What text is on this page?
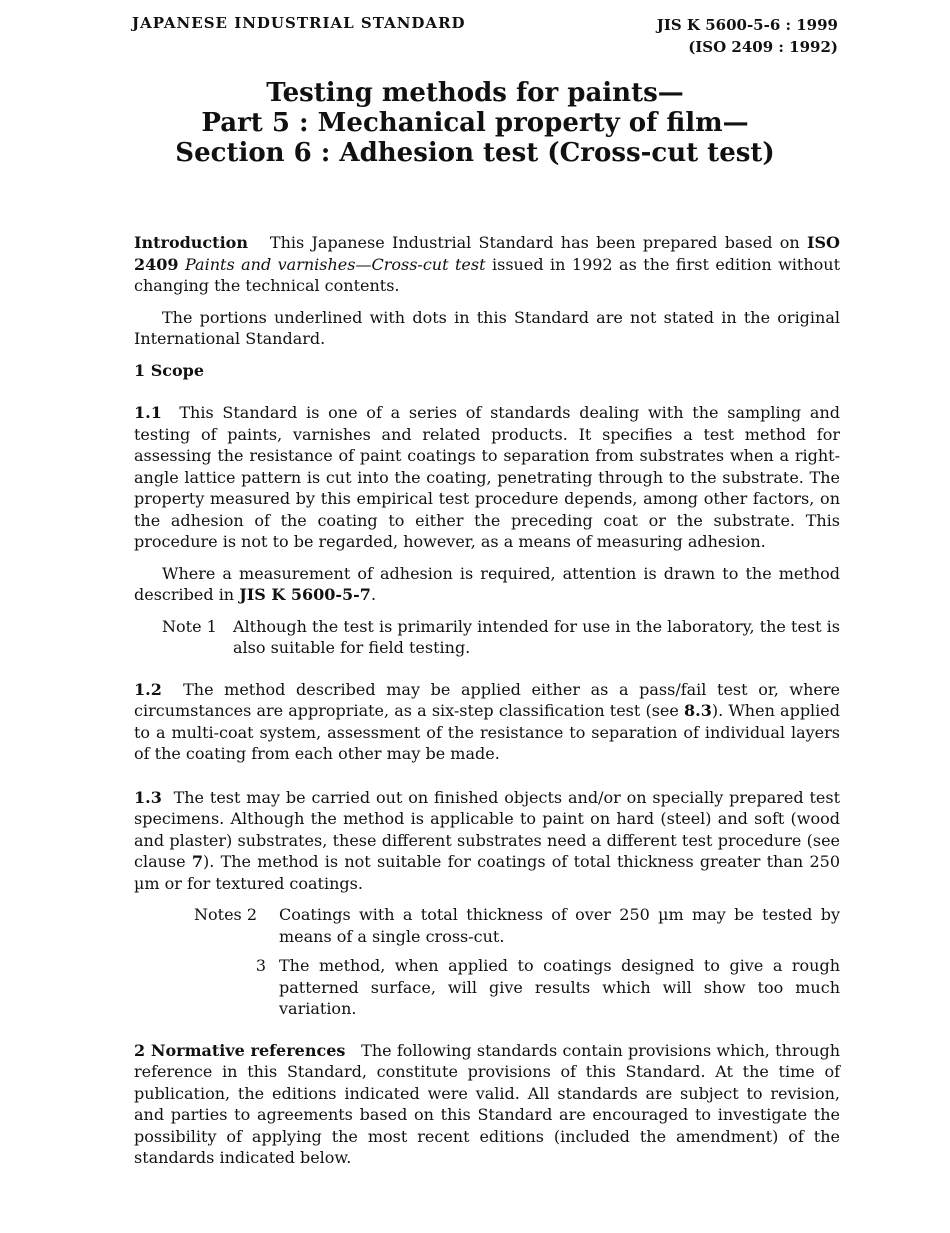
JAPANESE INDUSTRIAL STANDARD	JIS K 5600-5-6 : 1999
(ISO 2409 : 1992)
Testing methods for paints—
Part 5 : Mechanical property of film—
Section 6 : Adhesion test (Cross-cut test)

Introduction This Japanese Industrial Standard has been prepared based on ISO 2409 Paints and varnishes—Cross-cut test issued in 1992 as the first edition without changing the technical contents.

The portions underlined with dots in this Standard are not stated in the original International Standard.

1 Scope

1.1 This Standard is one of a series of standards dealing with the sampling and testing of paints, varnishes and related products. It specifies a test method for assessing the resistance of paint coatings to separation from substrates when a right-angle lattice pattern is cut into the coating, penetrating through to the substrate. The property measured by this empirical test procedure depends, among other factors, on the adhesion of the coating to either the preceding coat or the substrate. This procedure is not to be regarded, however, as a means of measuring adhesion.

Where a measurement of adhesion is required, attention is drawn to the method described in JIS K 5600-5-7.

Note 1	Although the test is primarily intended for use in the laboratory, the test is also suitable for field testing.

1.2 The method described may be applied either as a pass/fail test or, where circumstances are appropriate, as a six-step classification test (see 8.3). When applied to a multi-coat system, assessment of the resistance to separation of individual layers of the coating from each other may be made.

1.3 The test may be carried out on finished objects and/or on specially prepared test specimens. Although the method is applicable to paint on hard (steel) and soft (wood and plaster) substrates, these different substrates need a different test procedure (see clause 7). The method is not suitable for coatings of total thickness greater than 250 µm or for textured coatings.

Notes 2	Coatings with a total thickness of over 250 µm may be tested by means of a single cross-cut.
3 The method, when applied to coatings designed to give a rough patterned surface, will give results which will show too much variation.

2 Normative references The following standards contain provisions which, through reference in this Standard, constitute provisions of this Standard. At the time of publication, the editions indicated were valid. All standards are subject to revision, and parties to agreements based on this Standard are encouraged to investigate the possibility of applying the most recent editions (included the amendment) of the standards indicated below.
